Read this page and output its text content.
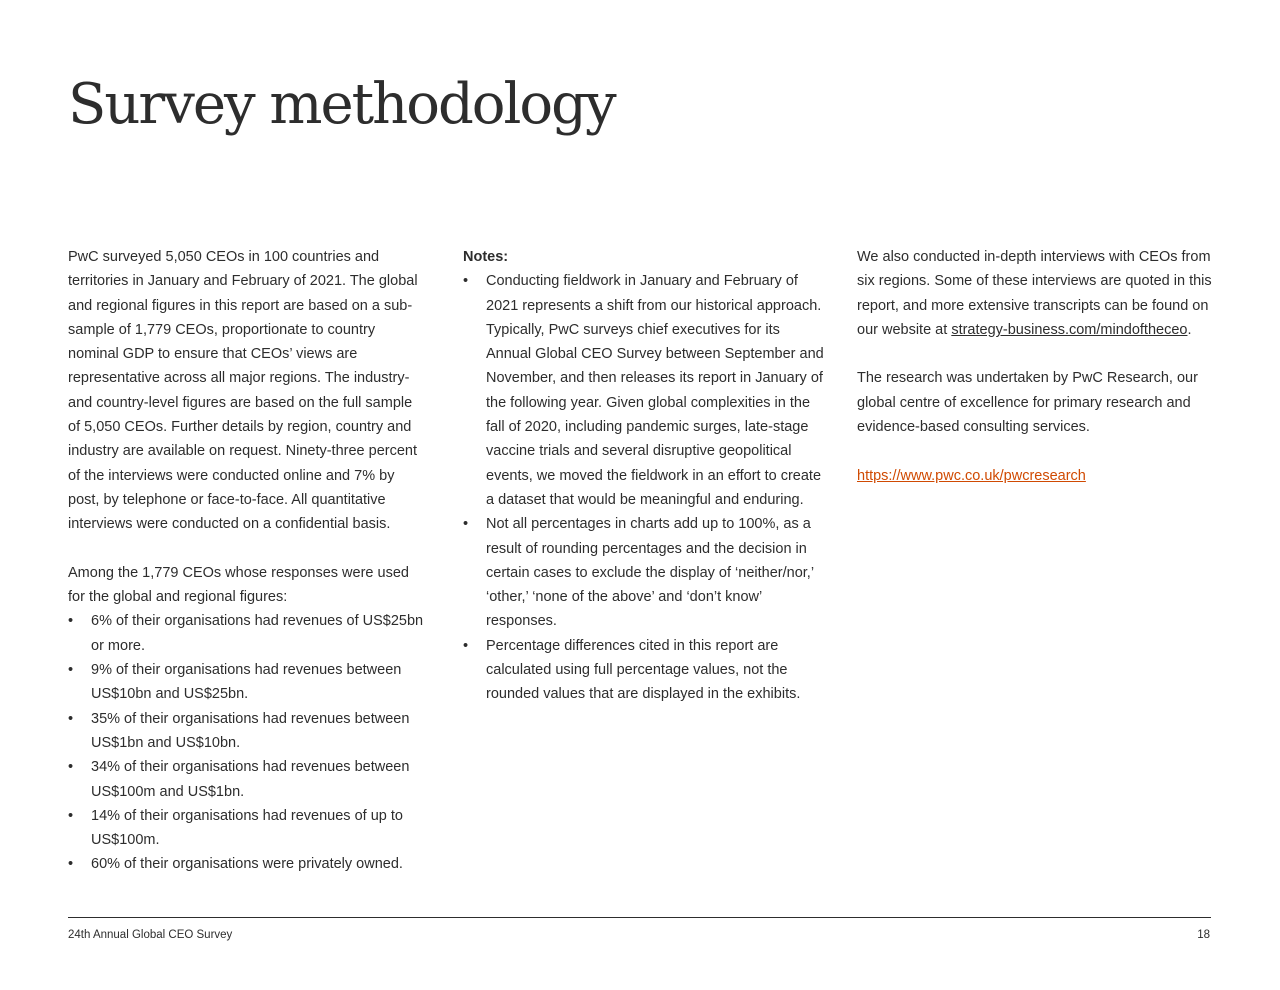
Survey methodology

PwC surveyed 5,050 CEOs in 100 countries and territories in January and February of 2021. The global and regional figures in this report are based on a sub-sample of 1,779 CEOs, proportionate to country nominal GDP to ensure that CEOs’ views are representative across all major regions. The industry- and country-level figures are based on the full sample of 5,050 CEOs. Further details by region, country and industry are available on request. Ninety-three percent of the interviews were conducted online and 7% by post, by telephone or face-to-face. All quantitative interviews were conducted on a confidential basis.

Among the 1,779 CEOs whose responses were used for the global and regional figures:

• 6% of their organisations had revenues of US$25bn or more.
• 9% of their organisations had revenues between US$10bn and US$25bn.
• 35% of their organisations had revenues between US$1bn and US$10bn.
• 34% of their organisations had revenues between US$100m and US$1bn.
• 14% of their organisations had revenues of up to US$100m.
• 60% of their organisations were privately owned.

Notes:

• Conducting fieldwork in January and February of 2021 represents a shift from our historical approach. Typically, PwC surveys chief executives for its Annual Global CEO Survey between September and November, and then releases its report in January of the following year. Given global complexities in the fall of 2020, including pandemic surges, late-stage vaccine trials and several disruptive geopolitical events, we moved the fieldwork in an effort to create a dataset that would be meaningful and enduring.
• Not all percentages in charts add up to 100%, as a result of rounding percentages and the decision in certain cases to exclude the display of ‘neither/nor,’ ‘other,’ ‘none of the above’ and ‘don’t know’ responses.
• Percentage differences cited in this report are calculated using full percentage values, not the rounded values that are displayed in the exhibits.

We also conducted in-depth interviews with CEOs from six regions. Some of these interviews are quoted in this report, and more extensive transcripts can be found on our website at strategy-business.com/mindoftheceo.

The research was undertaken by PwC Research, our global centre of excellence for primary research and evidence-based consulting services.

https://www.pwc.co.uk/pwcresearch

24th Annual Global CEO Survey	18
